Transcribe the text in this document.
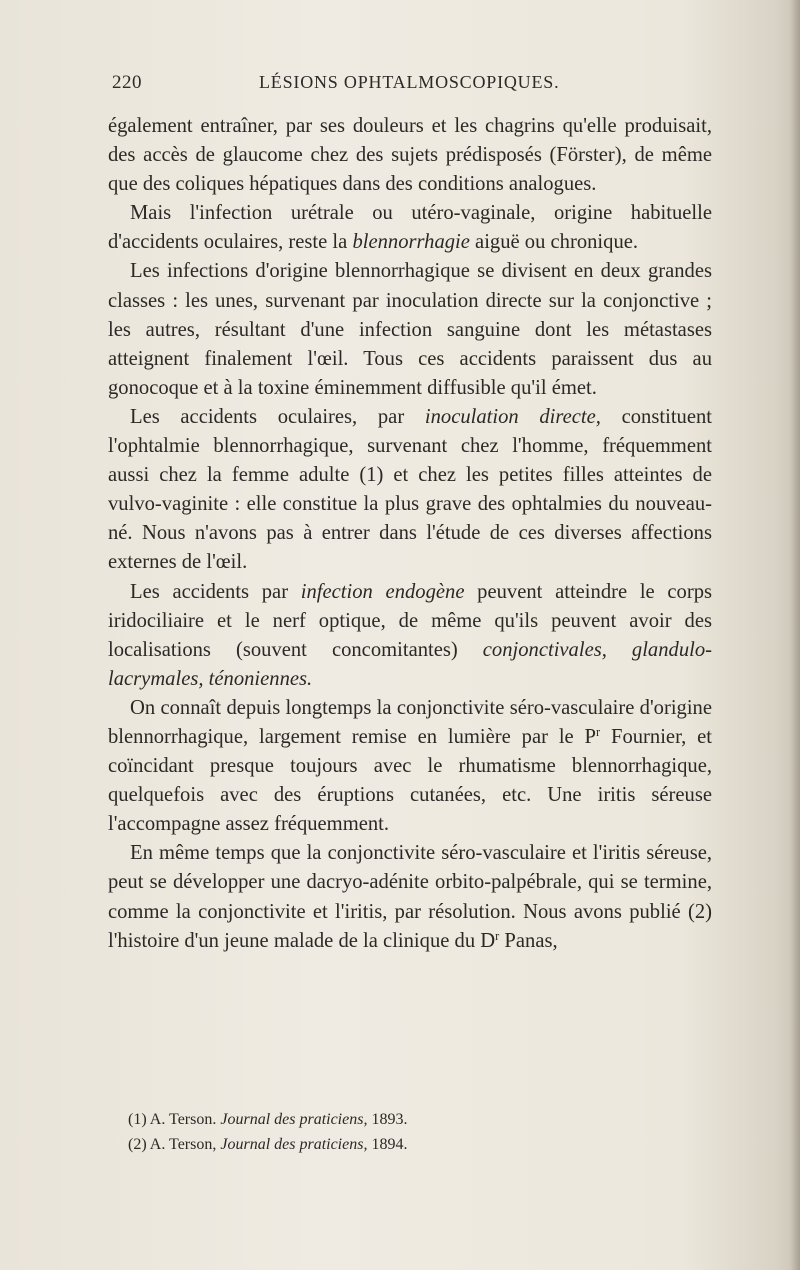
220	LÉSIONS OPHTALMOSCOPIQUES.

également entraîner, par ses douleurs et les chagrins qu'elle produisait, des accès de glaucome chez des sujets prédisposés (Förster), de même que des coliques hépatiques dans des conditions analogues.

Mais l'infection urétrale ou utéro-vaginale, origine habituelle d'accidents oculaires, reste la blennorrhagie aiguë ou chronique.

Les infections d'origine blennorrhagique se divisent en deux grandes classes : les unes, survenant par inoculation directe sur la conjonctive ; les autres, résultant d'une infection sanguine dont les métastases atteignent finalement l'œil. Tous ces accidents paraissent dus au gonocoque et à la toxine éminemment diffusible qu'il émet.

Les accidents oculaires, par inoculation directe, constituent l'ophtalmie blennorrhagique, survenant chez l'homme, fréquemment aussi chez la femme adulte (1) et chez les petites filles atteintes de vulvo-vaginite : elle constitue la plus grave des ophtalmies du nouveau-né. Nous n'avons pas à entrer dans l'étude de ces diverses affections externes de l'œil.

Les accidents par infection endogène peuvent atteindre le corps iridociliaire et le nerf optique, de même qu'ils peuvent avoir des localisations (souvent concomitantes) conjonctivales, glandulo-lacrymales, ténoniennes.

On connaît depuis longtemps la conjonctivite séro-vasculaire d'origine blennorrhagique, largement remise en lumière par le $P^r$ Fournier, et coïncidant presque toujours avec le rhumatisme blennorrhagique, quelquefois avec des éruptions cutanées, etc. Une iritis séreuse l'accompagne assez fréquemment.

En même temps que la conjonctivite séro-vasculaire et l'iritis séreuse, peut se développer une dacryo-adénite orbito-palpébrale, qui se termine, comme la conjonctivite et l'iritis, par résolution. Nous avons publié (2) l'histoire d'un jeune malade de la clinique du $D^r$ Panas,

(1) A. Terson. Journal des praticiens, 1893.

(2) A. Terson, Journal des praticiens, 1894.
